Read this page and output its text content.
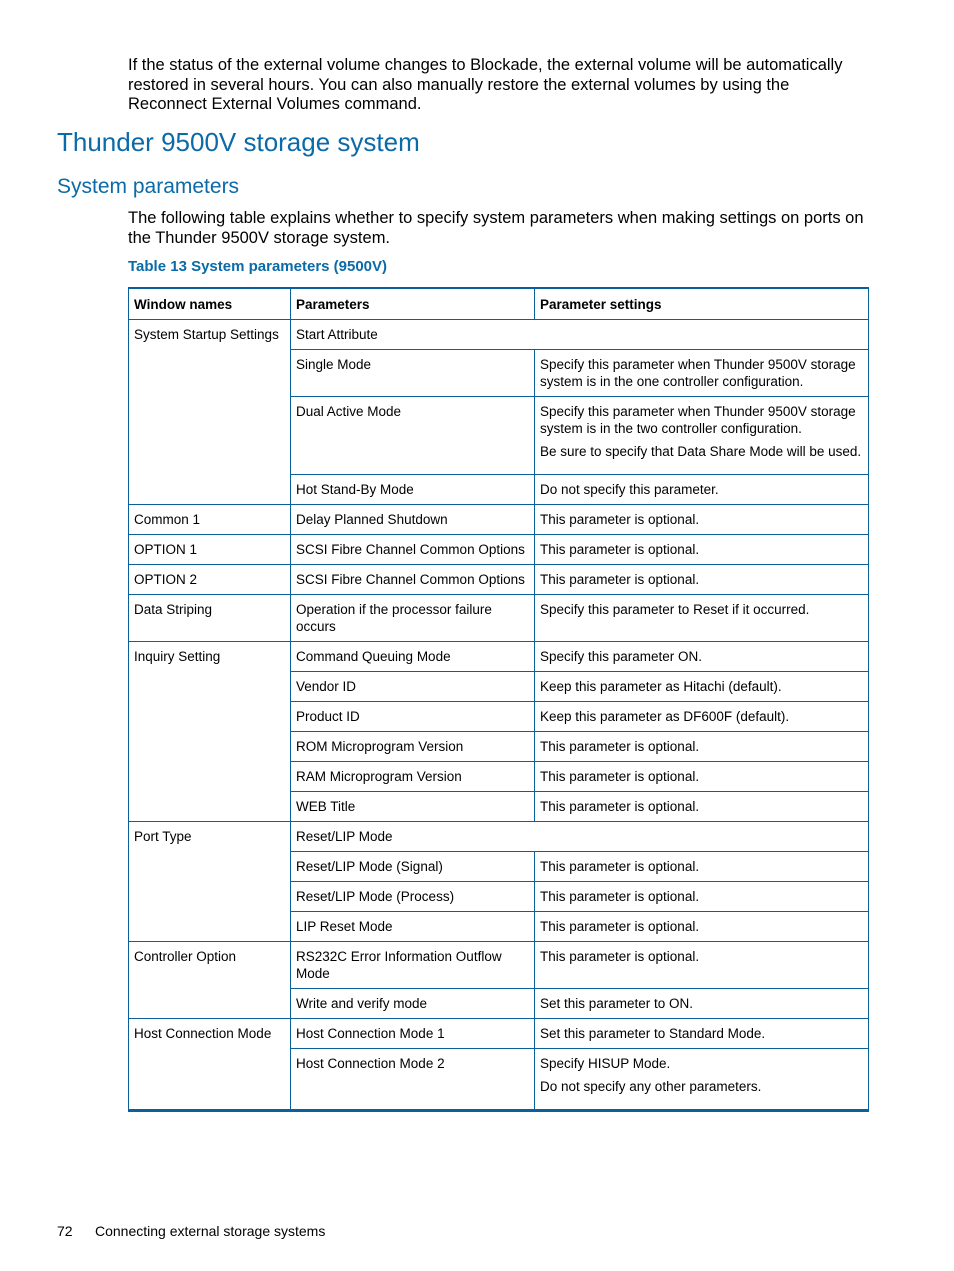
If the status of the external volume changes to Blockade, the external volume will be automatically restored in several hours. You can also manually restore the external volumes by using the Reconnect External Volumes command.

Thunder 9500V storage system
System parameters

The following table explains whether to specify system parameters when making settings on ports on the Thunder 9500V storage system.

Table 13 System parameters (9500V)

Window names	Parameters	Parameter settings
System Startup Settings	Start Attribute	
	Single Mode	Specify this parameter when Thunder 9500V storage system is in the one controller configuration.
	Dual Active Mode	Specify this parameter when Thunder 9500V storage system is in the two controller configuration.

Be sure to specify that Data Share Mode will be used.

	Hot Stand-By Mode	Do not specify this parameter.
Common 1	Delay Planned Shutdown	This parameter is optional.
OPTION 1	SCSI Fibre Channel Common Options	This parameter is optional.
OPTION 2	SCSI Fibre Channel Common Options	This parameter is optional.
Data Striping	Operation if the processor failure occurs	Specify this parameter to Reset if it occurred.
Inquiry Setting	Command Queuing Mode	Specify this parameter ON.
	Vendor ID	Keep this parameter as Hitachi (default).
	Product ID	Keep this parameter as DF600F (default).
	ROM Microprogram Version	This parameter is optional.
	RAM Microprogram Version	This parameter is optional.
	WEB Title	This parameter is optional.
Port Type	Reset/LIP Mode	
	Reset/LIP Mode (Signal)	This parameter is optional.
	Reset/LIP Mode (Process)	This parameter is optional.
	LIP Reset Mode	This parameter is optional.
Controller Option	RS232C Error Information Outflow Mode	This parameter is optional.
	Write and verify mode	Set this parameter to ON.
Host Connection Mode	Host Connection Mode 1	Set this parameter to Standard Mode.
	Host Connection Mode 2	Specify HISUP Mode.

Do not specify any other parameters.

72 Connecting external storage systems
